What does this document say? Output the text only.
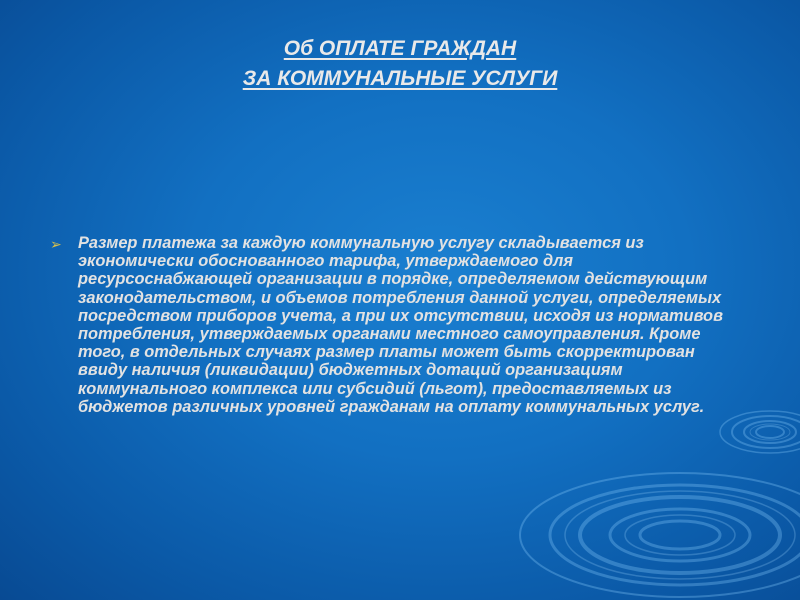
Об ОПЛАТЕ ГРАЖДАН
ЗА КОММУНАЛЬНЫЕ УСЛУГИ
➢ Размер платежа за каждую коммунальную услугу складывается из экономически обоснованного тарифа, утверждаемого для ресурсоснабжающей организации в порядке, определяемом действующим законодательством, и объемов потребления данной услуги, определяемых посредством приборов учета, а при их отсутствии, исходя из нормативов потребления, утверждаемых органами местного самоуправления. Кроме того, в отдельных случаях размер платы может быть скорректирован ввиду наличия (ликвидации) бюджетных дотаций организациям коммунального комплекса или субсидий (льгот), предоставляемых из бюджетов различных уровней гражданам на оплату коммунальных услуг.
